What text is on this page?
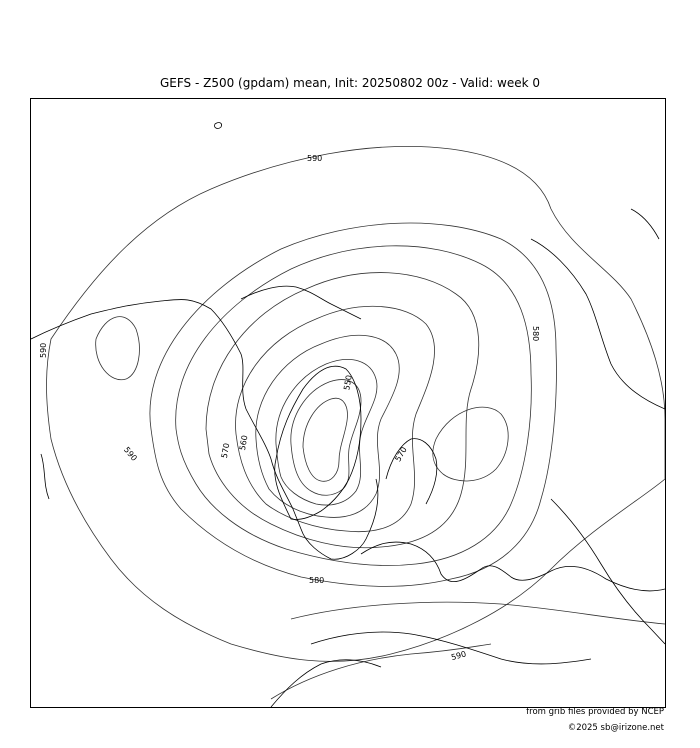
GEFS - Z500 (gpdam) mean, Init: 20250802 00z - Valid: week 0
590
590
590
580
580
570	570
560
550
590
from grib files provided by NCEP
©2025 sb@irizone.net
